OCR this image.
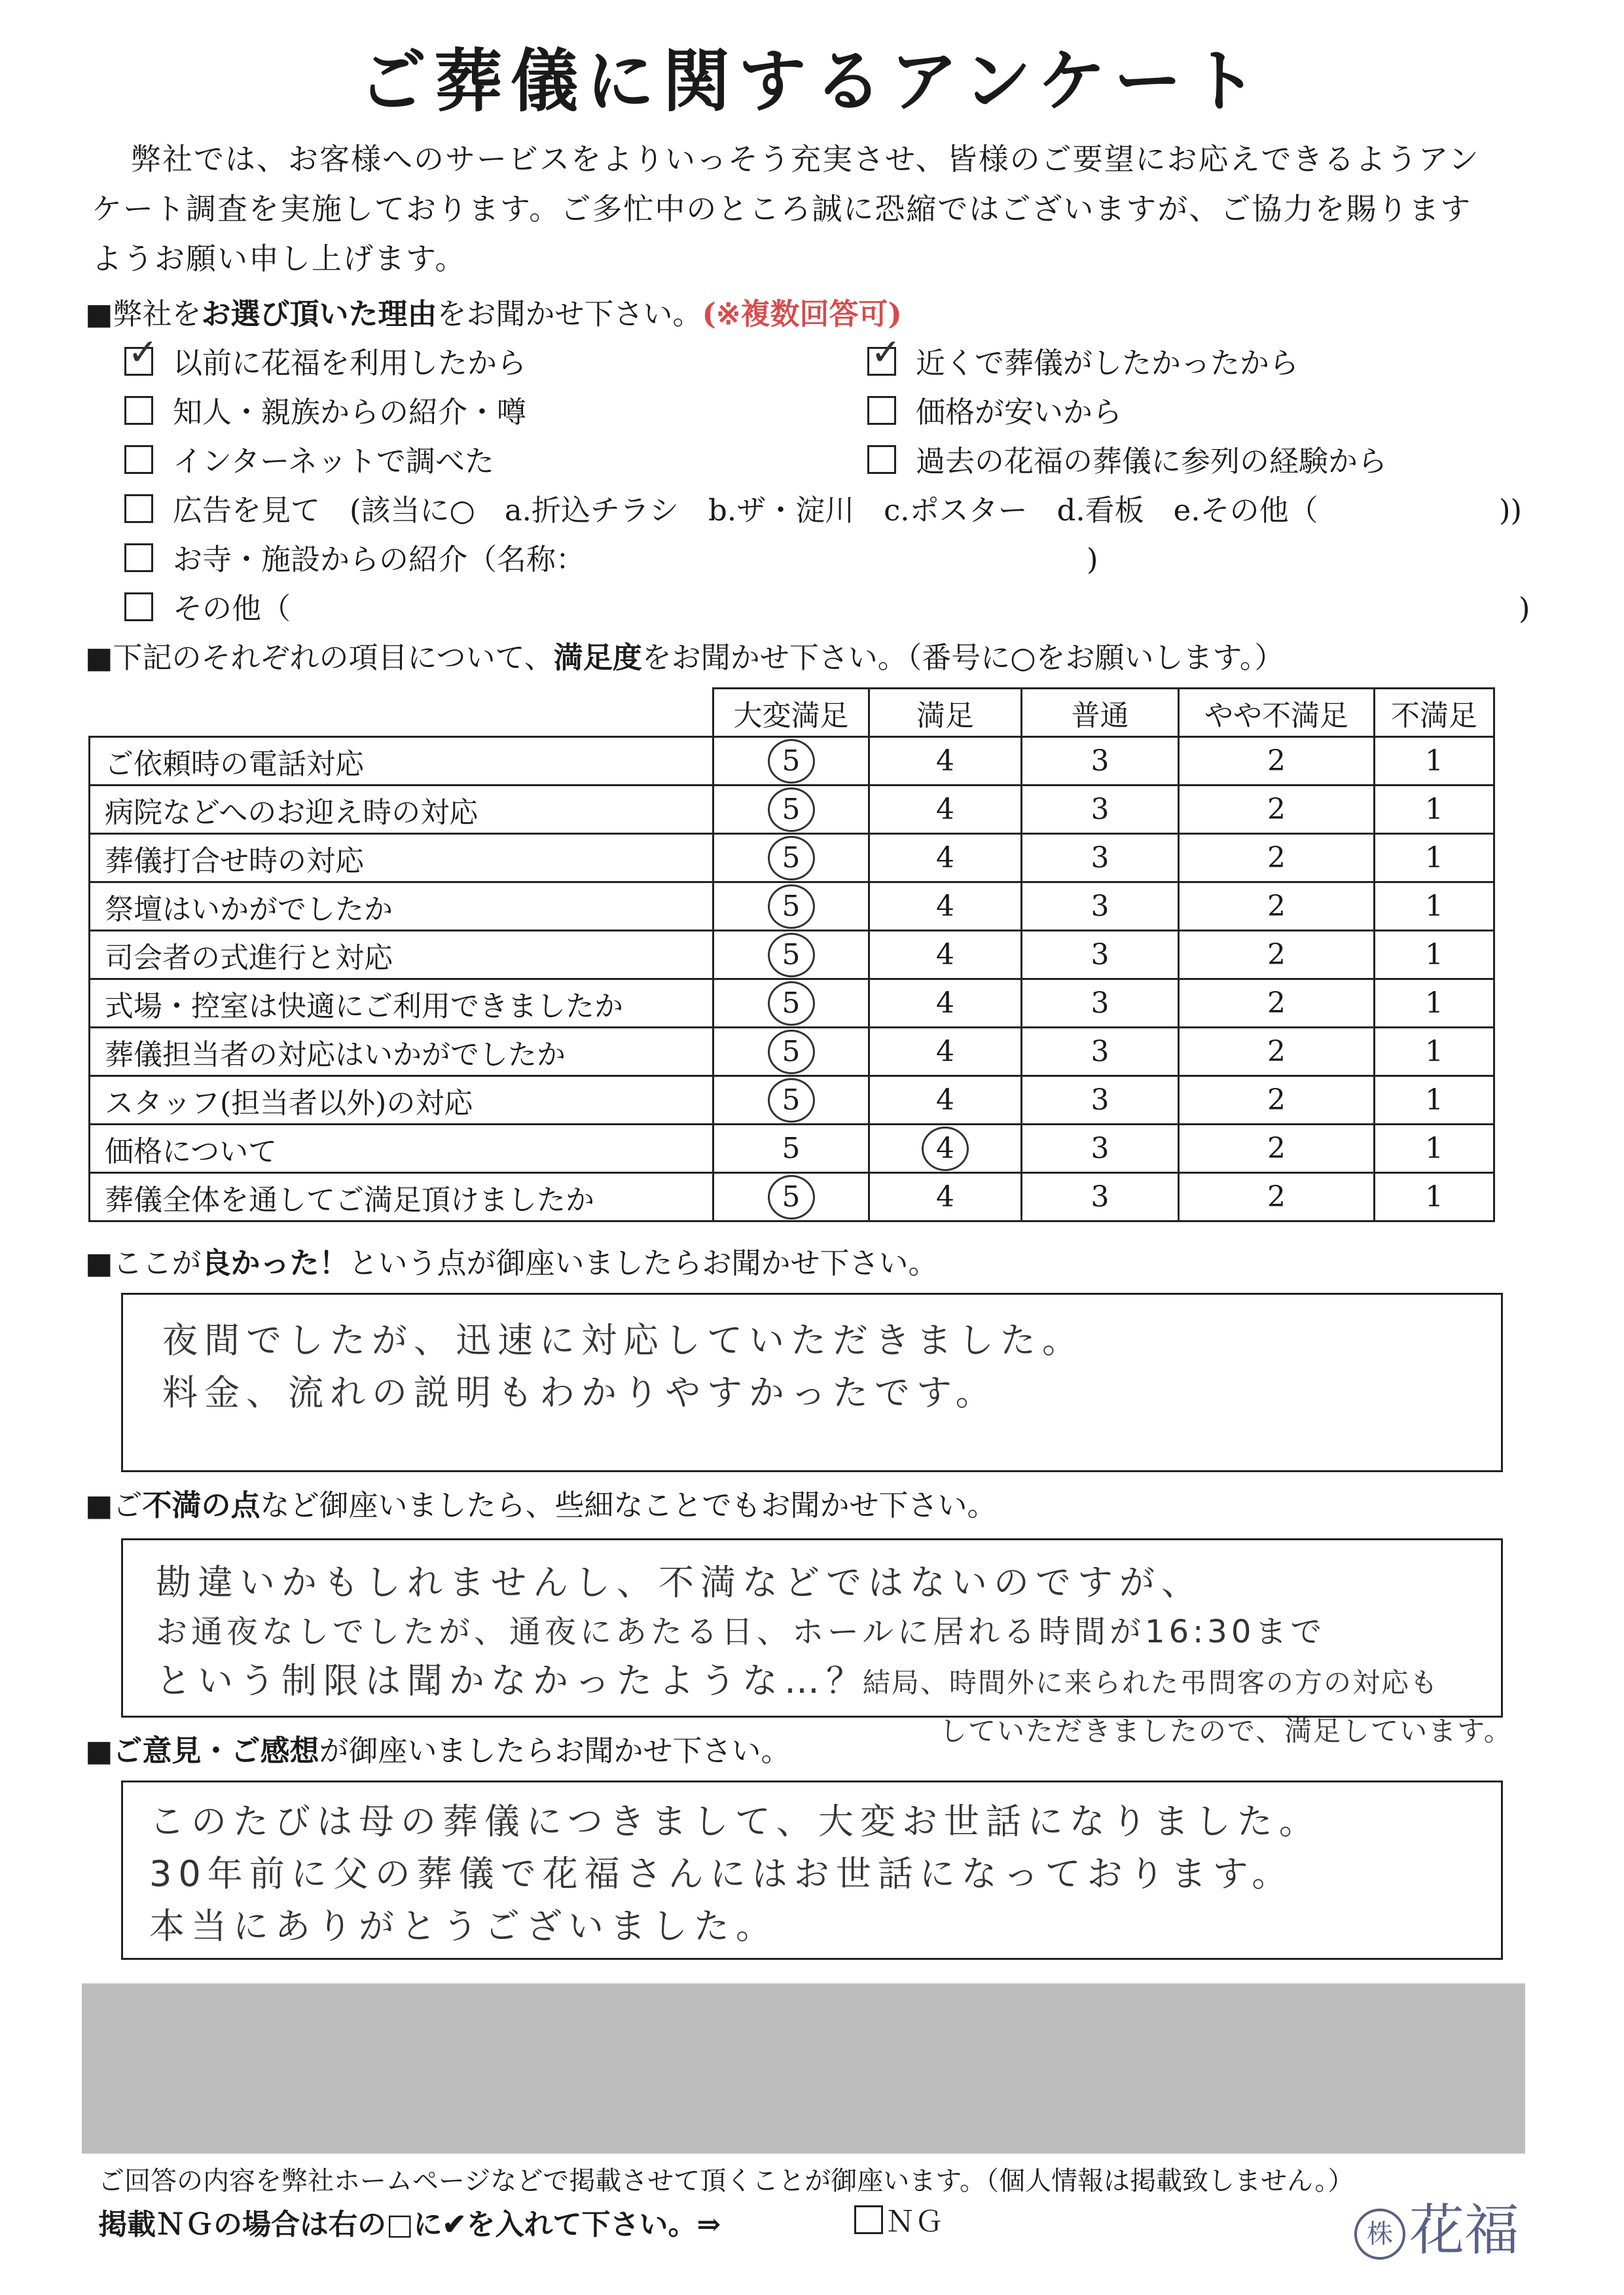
ご葬儀に関するアンケート
弊社では、お客様へのサービスをよりいっそう充実させ、皆様のご要望にお応えできるようアン
ケート調査を実施しております。ご多忙中のところ誠に恐縮ではございますが、ご協力を賜ります
ようお願い申し上げます。
■弊社をお選び頂いた理由をお聞かせ下さい。(※複数回答可)
✓ 以前に花福を利用したから	✓ 近くで葬儀がしたかったから
知人・親族からの紹介・噂	価格が安いから
インターネットで調べた	過去の花福の葬儀に参列の経験から
広告を見て　(該当に○　a.折込チラシ　b.ザ・淀川　c.ポスター　d.看板　e.その他（	))
お寺・施設からの紹介（名称：	)
その他（	)
■下記のそれぞれの項目について、満足度をお聞かせ下さい。（番号に○をお願いします。）
	大変満足	満足	普通	やや不満足	不満足
ご依頼時の電話対応	5	4	3	2	1
病院などへのお迎え時の対応	5	4	3	2	1
葬儀打合せ時の対応	5	4	3	2	1
祭壇はいかがでしたか	5	4	3	2	1
司会者の式進行と対応	5	4	3	2	1
式場・控室は快適にご利用できましたか	5	4	3	2	1
葬儀担当者の対応はいかがでしたか	5	4	3	2	1
スタッフ(担当者以外)の対応	5	4	3	2	1
価格について	5	4	3	2	1
葬儀全体を通してご満足頂けましたか	5	4	3	2	1
■ここが良かった！という点が御座いましたらお聞かせ下さい。
夜間でしたが、迅速に対応していただきました。
料金、流れの説明もわかりやすかったです。
■ご不満の点など御座いましたら、些細なことでもお聞かせ下さい。
勘違いかもしれませんし、不満などではないのですが、
お通夜なしでしたが、通夜にあたる日、ホールに居れる時間が16:30まで
という制限は聞かなかったような…？
結局、時間外に来られた弔問客の方の対応も
していただきましたので、満足しています。
■ご意見・ご感想が御座いましたらお聞かせ下さい。
このたびは母の葬儀につきまして、大変お世話になりました。
30年前に父の葬儀で花福さんにはお世話になっております。
本当にありがとうございました。
ご回答の内容を弊社ホームページなどで掲載させて頂くことが御座います。（個人情報は掲載致しません。）
掲載ＮＧの場合は右の□に✔を入れて下さい。⇒	ＮＧ	株 花福
